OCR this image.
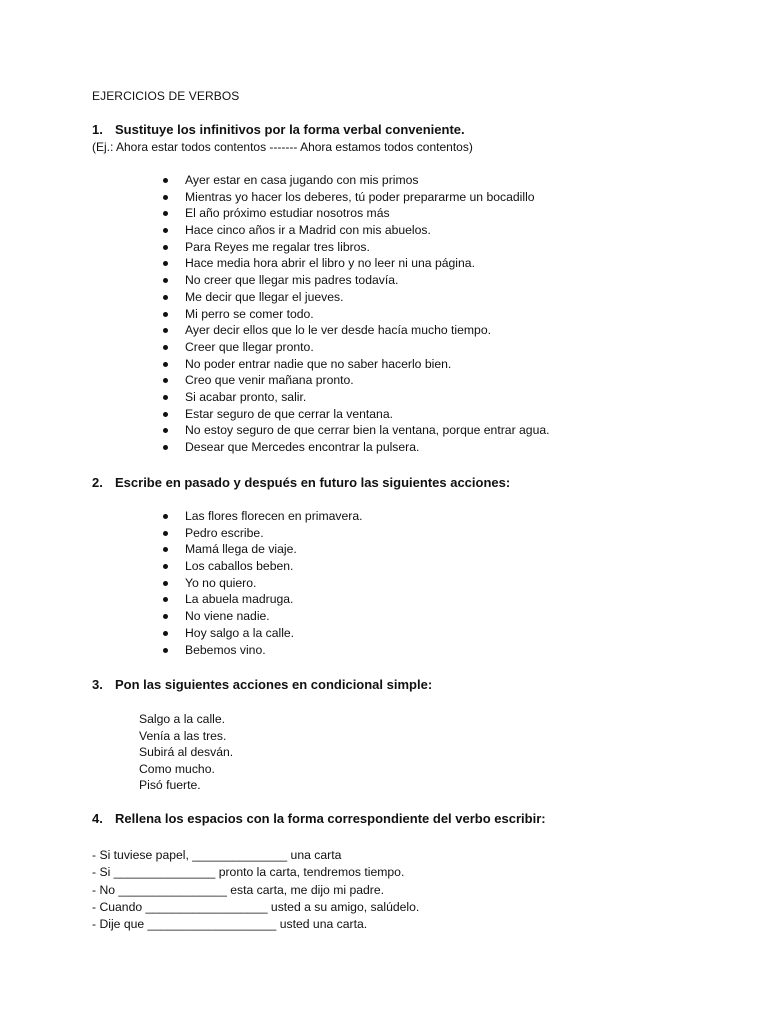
EJERCICIOS DE VERBOS
1. Sustituye los infinitivos por la forma verbal conveniente.
(Ej.: Ahora estar todos contentos ------- Ahora estamos todos contentos)
Ayer estar en casa jugando con mis primos
Mientras yo hacer los deberes, tú poder prepararme un bocadillo
El año próximo estudiar nosotros más
Hace cinco años ir a Madrid con mis abuelos.
Para Reyes me regalar tres libros.
Hace media hora abrir el libro y no leer ni una página.
No creer que llegar mis padres todavía.
Me decir que llegar el jueves.
Mi perro se comer todo.
Ayer decir ellos que lo le ver desde hacía mucho tiempo.
Creer que llegar pronto.
No poder entrar nadie que no saber hacerlo bien.
Creo que venir mañana pronto.
Si acabar pronto, salir.
Estar seguro de que cerrar la ventana.
No estoy seguro de que cerrar bien la ventana, porque entrar agua.
Desear que Mercedes encontrar la pulsera.
2. Escribe en pasado y después en futuro las siguientes acciones:
Las flores florecen en primavera.
Pedro escribe.
Mamá llega de viaje.
Los caballos beben.
Yo no quiero.
La abuela madruga.
No viene nadie.
Hoy salgo a la calle.
Bebemos vino.
3. Pon las siguientes acciones en condicional simple:
Salgo a la calle.
Venía a las tres.
Subirá al desván.
Como mucho.
Pisó fuerte.
4. Rellena los espacios con la forma correspondiente del verbo escribir:
- Si tuviese papel, ______________ una carta
- Si _______________ pronto la carta, tendremos tiempo.
- No ________________ esta carta, me dijo mi padre.
- Cuando __________________ usted a su amigo, salúdelo.
- Dije que ___________________ usted una carta.
